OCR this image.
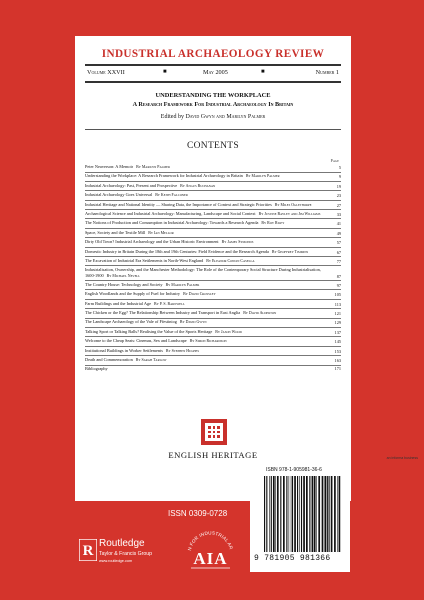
INDUSTRIAL ARCHAEOLOGY REVIEW
Volume XXVII	■	May 2005	■	Number 1
UNDERSTANDING THE WORKPLACE
A Research Framework For Industrial Archaeology In Britain
Edited by David Gwyn and Marilyn Palmer
CONTENTS
Page
Peter Neaverson: A Memoir By Marilyn Palmer	5
Understanding the Workplace: A Research Framework for Industrial Archaeology in Britain By Marilyn Palmer	9
Industrial Archaeology: Past, Present and Prospective By Angus Buchanan	19
Industrial Archaeology Goes Universal By Keith Falconer	23
Industrial Heritage and National Identity — Sharing Data, the Importance of Context and Strategic Priorities By Miles Oglethorpe	27
Archaeological Science and Industrial Archaeology: Manufacturing, Landscape and Social Context By Justine Bayley and Jim Williams	33
The Notions of Production and Consumption in Industrial Archaeology: Towards a Research Agenda By Roy Riley	41
Space, Society and the Textile Mill By Ian Mellor	49
Dirty Old Town? Industrial Archaeology and the Urban Historic Environment By James Symonds	57
Domestic Industry in Britain During the 18th and 19th Centuries: Field Evidence and the Research Agenda By Geoffrey Timmins	67
The Excavation of Industrial Era Settlements in North-West England By Eleanor Conlin Casella	77
Industrialisation, Ownership, and the Manchester Methodology: The Role of the Contemporary Social Structure During Industrialisation, 1600-1900 By Michael Nevell	87
The Country House: Technology and Society By Marilyn Palmer	97
English Woodlands and the Supply of Fuel for Industry By David Crossley	105
Farm Buildings and the Industrial Age By P. S. Barnwell	113
The Chicken or the Egg? The Relationship Between Industry and Transport in East Anglia By David Alderton	121
The Landscape Archaeology of the Vale of Ffestiniog By David Gwyn	129
Talking Sport or Talking Balls? Realising the Value of the Sports Heritage By Jason Wood	137
Welcome to the Cheap Seats: Cinemas, Sex and Landscape By Simon Richardson	145
Institutional Buildings in Worker Settlements By Stephen Hughes	153
Death and Commemoration By Sarah Tarlow	163
Bibliography	171
ENGLISH HERITAGE	an informa business
ISBN 978-1-905981-36-6
9 781905 981366
ISSN 0309-0728
R Routledge
Taylor & Francis Group
www.routledge.com
N FOR INDUSTRIAL AR
AIA
